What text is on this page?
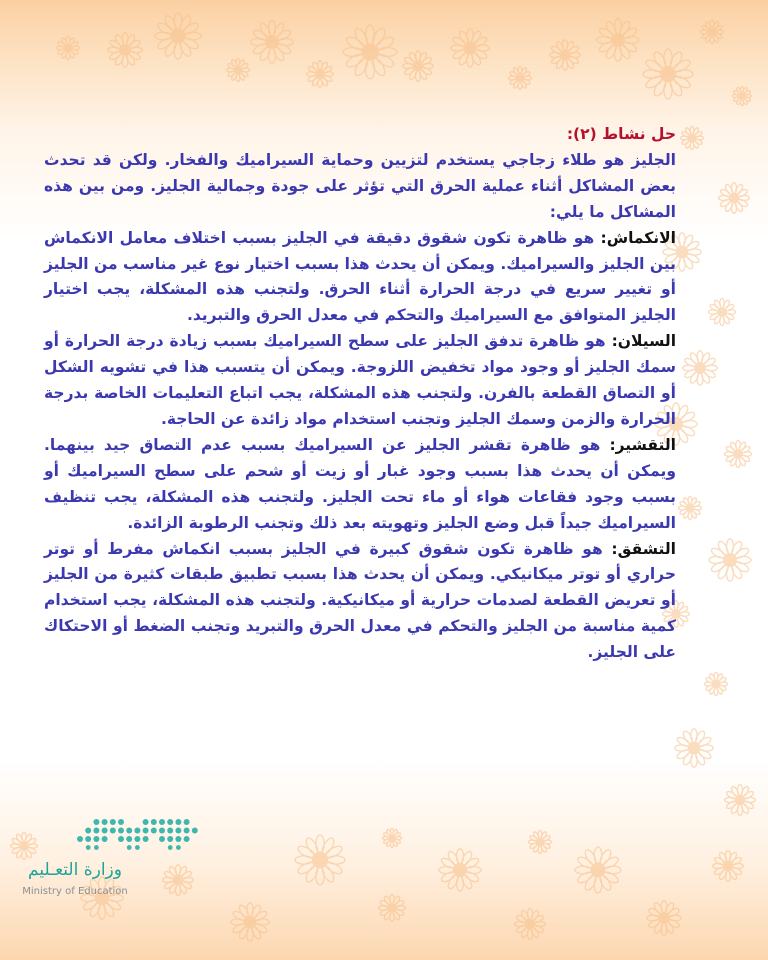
حل نشاط (٢):
الجليز هو طلاء زجاجي يستخدم لتزيين وحماية السيراميك والفخار. ولكن قد تحدث بعض المشاكل أثناء عملية الحرق التي تؤثر على جودة وجمالية الجليز. ومن بين هذه المشاكل ما يلي:

الانكماش: هو ظاهرة تكون شقوق دقيقة في الجليز بسبب اختلاف معامل الانكماش بين الجليز والسيراميك. ويمكن أن يحدث هذا بسبب اختيار نوع غير مناسب من الجليز أو تغيير سريع في درجة الحرارة أثناء الحرق. ولتجنب هذه المشكلة، يجب اختيار الجليز المتوافق مع السيراميك والتحكم في معدل الحرق والتبريد.

السيلان: هو ظاهرة تدفق الجليز على سطح السيراميك بسبب زيادة درجة الحرارة أو سمك الجليز أو وجود مواد تخفيض اللزوجة. ويمكن أن يتسبب هذا في تشويه الشكل أو التصاق القطعة بالفرن. ولتجنب هذه المشكلة، يجب اتباع التعليمات الخاصة بدرجة الحرارة والزمن وسمك الجليز وتجنب استخدام مواد زائدة عن الحاجة.

التقشير: هو ظاهرة تقشر الجليز عن السيراميك بسبب عدم التصاق جيد بينهما. ويمكن أن يحدث هذا بسبب وجود غبار أو زيت أو شحم على سطح السيراميك أو بسبب وجود فقاعات هواء أو ماء تحت الجليز. ولتجنب هذه المشكلة، يجب تنظيف السيراميك جيداً قبل وضع الجليز وتهويته بعد ذلك وتجنب الرطوبة الزائدة.

التشقق: هو ظاهرة تكون شقوق كبيرة في الجليز بسبب انكماش مفرط أو توتر حراري أو توتر ميكانيكي. ويمكن أن يحدث هذا بسبب تطبيق طبقات كثيرة من الجليز أو تعريض القطعة لصدمات حرارية أو ميكانيكية. ولتجنب هذه المشكلة، يجب استخدام كمية مناسبة من الجليز والتحكم في معدل الحرق والتبريد وتجنب الضغط أو الاحتكاك على الجليز.

وزارة التعـليم
Ministry of Education
